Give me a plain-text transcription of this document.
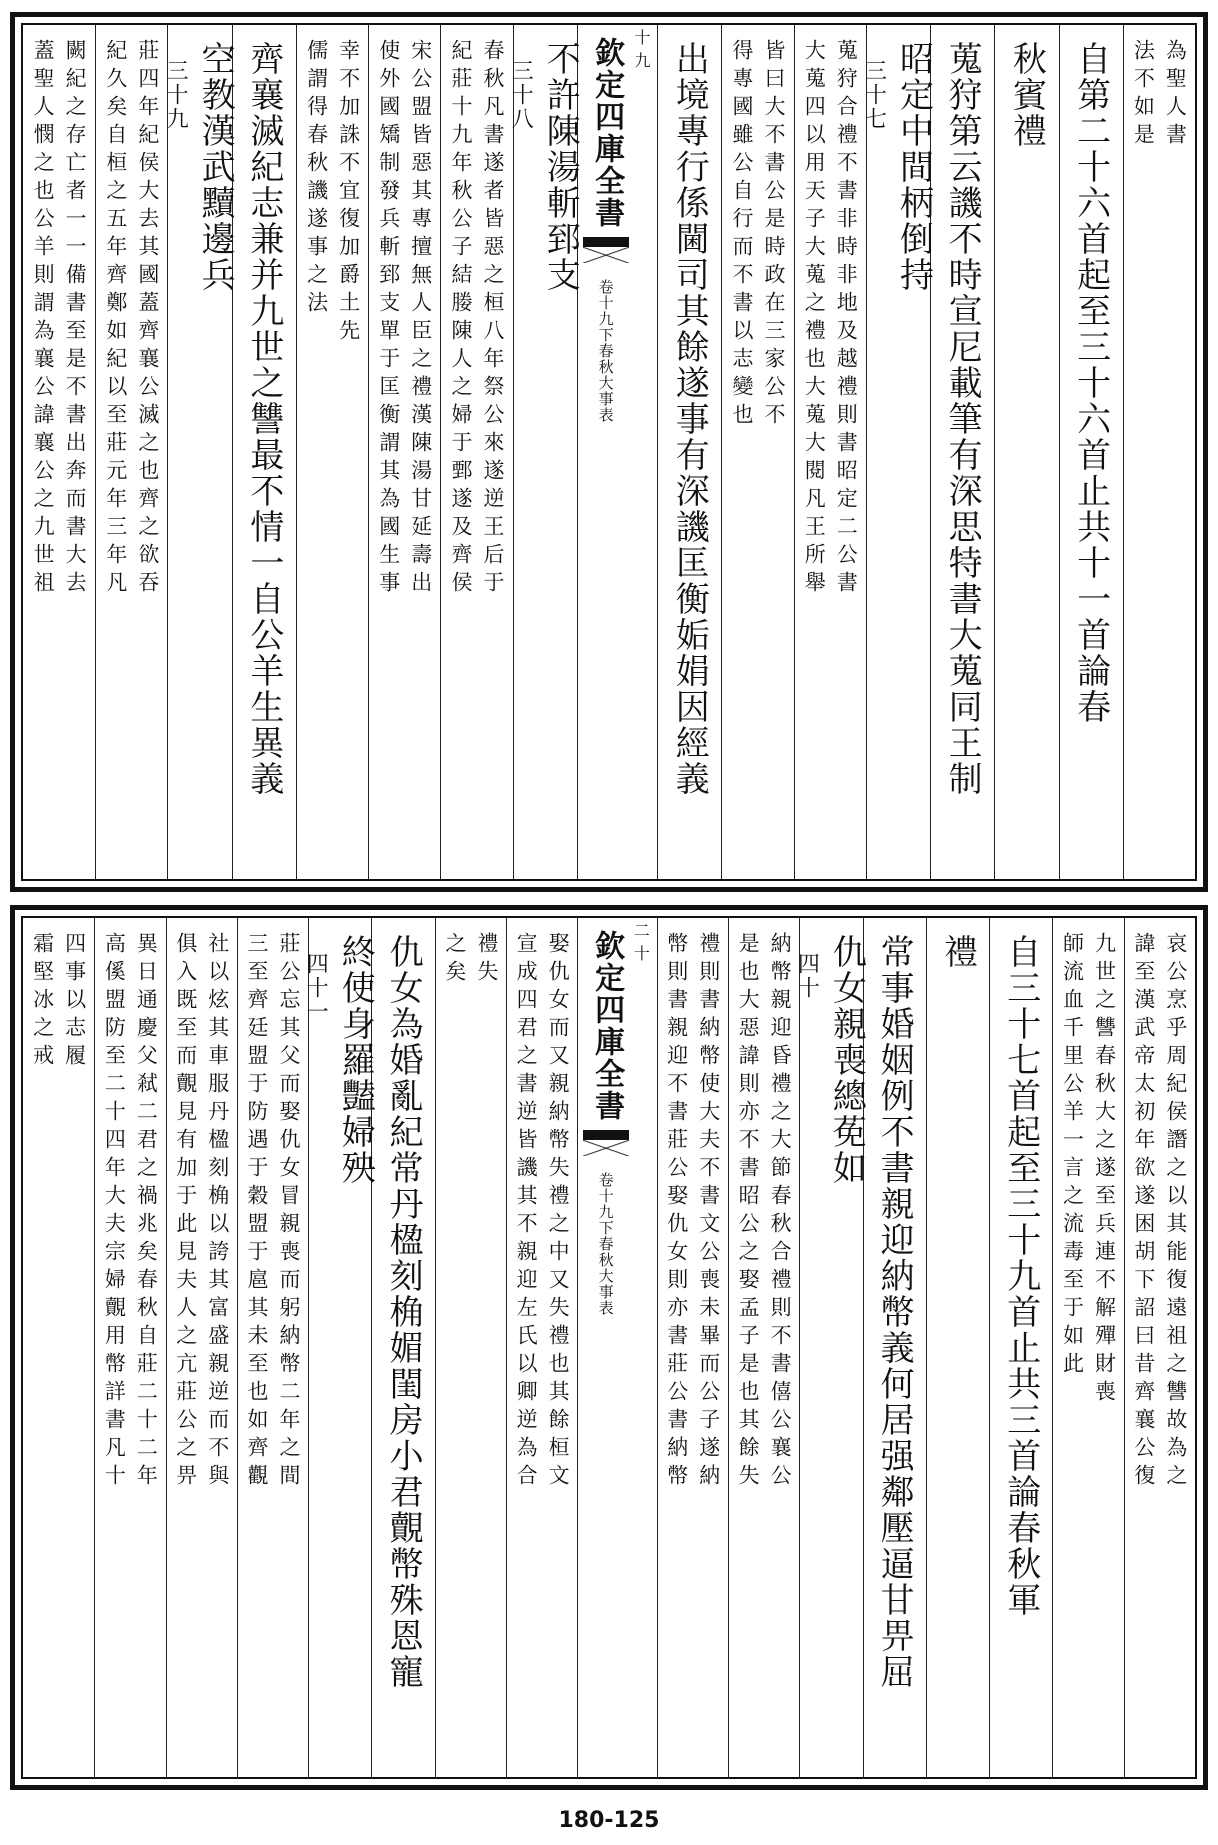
為聖人書
法不如是
自第二十六首起至三十六首止共十一首論春
秋賓禮
蒐狩第云譏不時宣尼載筆有深思特書大蒐同王制
昭定中間柄倒持
三十七
蒐狩合禮不書非時非地及越禮則書昭定二公書
大蒐四以用天子大蒐之禮也大蒐大閱凡王所舉
皆曰大不書公是時政在三家公不
得專國雖公自行而不書以志變也
出境專行係閫司其餘遂事有深譏匡衡姤娟因經義
欽定四庫全書
卷十九下
春秋大事表
十九
不許陳湯斬郅支
三十八
春秋凡書遂者皆惡之桓八年祭公來遂逆王后于
紀莊十九年秋公子結媵陳人之婦于鄄遂及齊侯
宋公盟皆惡其專擅無人臣之禮漢陳湯甘延壽出
使外國矯制發兵斬郅支單于匡衡謂其為國生事
幸不加誅不宜復加爵土先
儒謂得春秋譏遂事之法
齊襄滅紀志兼并九世之讐最不情一自公羊生異義
空教漢武黷邊兵
三十九
莊四年紀侯大去其國蓋齊襄公滅之也齊之欲吞
紀久矣自桓之五年齊鄭如紀以至莊元年三年凡
闕紀之存亡者一一備書至是不書出奔而書大去
蓋聖人憫之也公羊則謂為襄公諱襄公之九世祖
哀公烹乎周紀侯譖之以其能復遠祖之讐故為之
諱至漢武帝太初年欲遂困胡下詔曰昔齊襄公復
九世之讐春秋大之遂至兵連不解殫財喪
師流血千里公羊一言之流毒至于如此
自三十七首起至三十九首止共三首論春秋軍
禮
常事婚姻例不書親迎納幣義何居强鄰壓逼甘畀屈
仇女親喪總莬如
四十
納幣親迎昏禮之大節春秋合禮則不書僖公襄公
是也大惡諱則亦不書昭公之娶孟子是也其餘失
禮則書納幣使大夫不書文公喪未畢而公子遂納
幣則書親迎不書莊公娶仇女則亦書莊公書納幣
欽定四庫全書
卷十九下
春秋大事表
二十
娶仇女而又親納幣失禮之中又失禮也其餘桓文
宣成四君之書逆皆譏其不親迎左氏以卿逆為合
禮失
之矣
仇女為婚亂紀常丹楹刻桷媚閨房小君覿幣殊恩寵
終使身羅豔婦殃
四十一
莊公忘其父而娶仇女冒親喪而躬納幣二年之間
三至齊廷盟于防遇于穀盟于扈其未至也如齊觀
社以炫其車服丹楹刻桷以誇其富盛親逆而不與
俱入既至而覿見有加于此見夫人之亢莊公之畀
異日通慶父弒二君之禍兆矣春秋自莊二十二年
高傒盟防至二十四年大夫宗婦覿用幣詳書凡十
四事以志履
霜堅冰之戒
180-125
